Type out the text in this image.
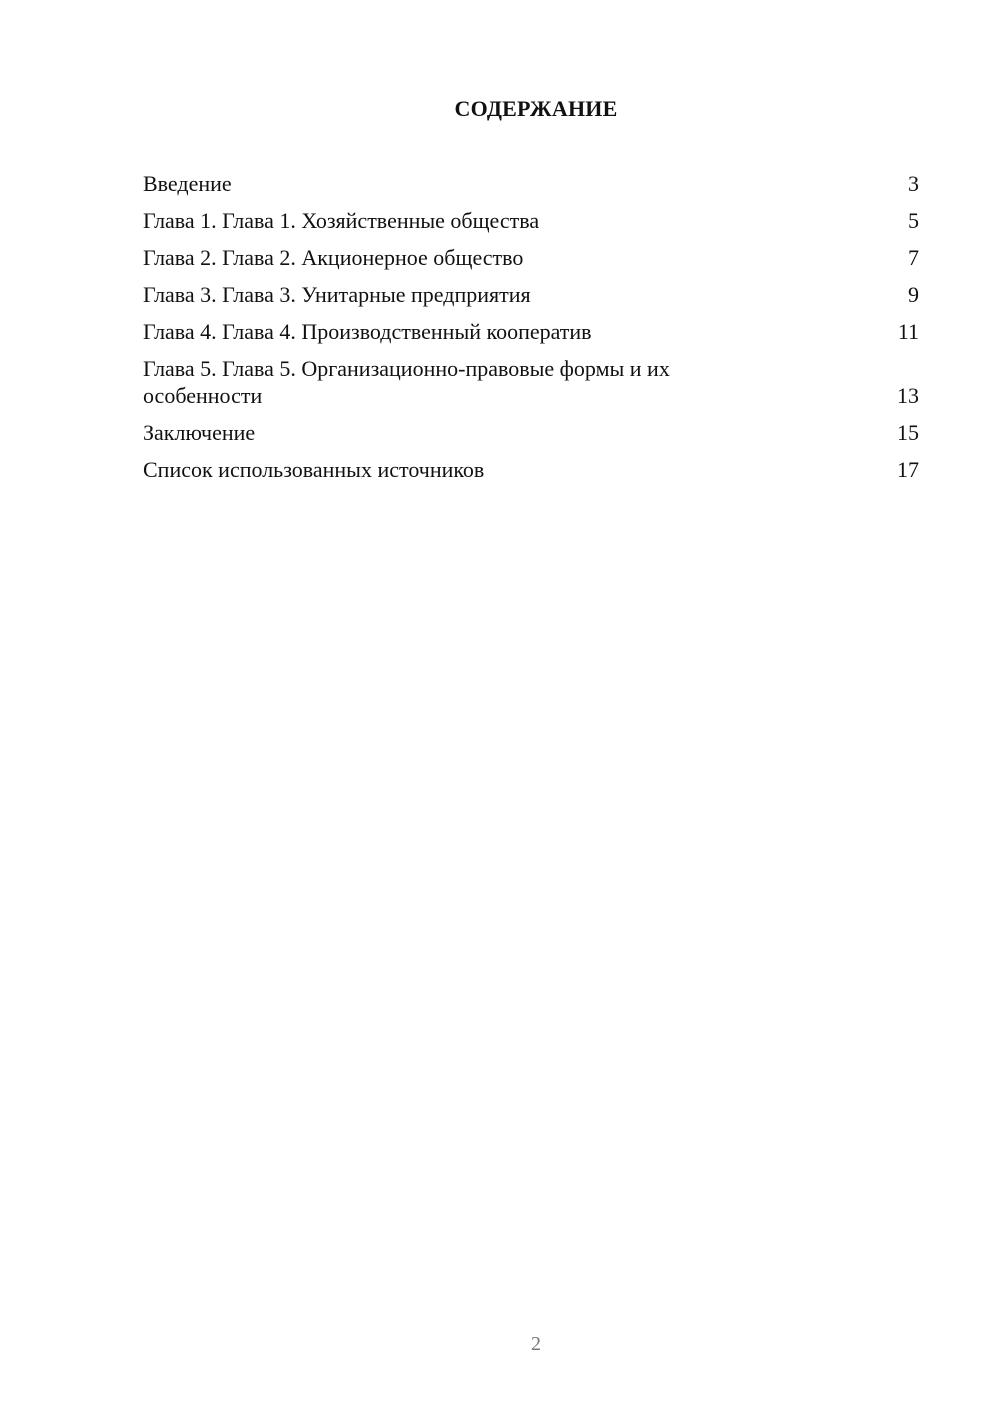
СОДЕРЖАНИЕ
Введение	3
Глава 1. Глава 1. Хозяйственные общества	5
Глава 2. Глава 2. Акционерное общество	7
Глава 3. Глава 3. Унитарные предприятия	9
Глава 4. Глава 4. Производственный кооператив	11
Глава 5. Глава 5. Организационно-правовые формы и их особенности	13
Заключение	15
Список использованных источников	17
2
